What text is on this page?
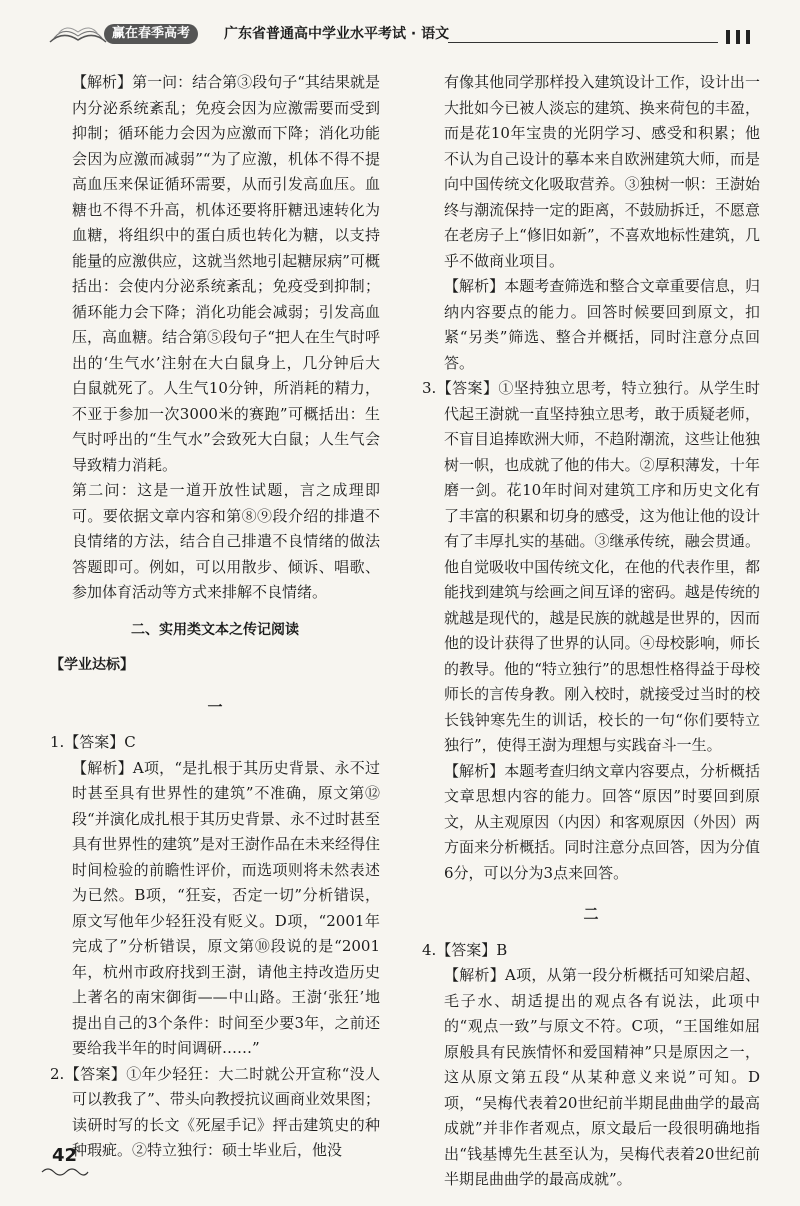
赢在春季高考	广东省普通高中学业水平考试 · 语文

【解析】第一问：结合第③段句子“其结果就是内分泌系统紊乱；免疫会因为应激需要而受到抑制；循环能力会因为应激而下降；消化功能会因为应激而减弱”“为了应激，机体不得不提高血压来保证循环需要，从而引发高血压。血糖也不得不升高，机体还要将肝糖迅速转化为血糖，将组织中的蛋白质也转化为糖，以支持能量的应激供应，这就当然地引起糖尿病”可概括出：会使内分泌系统紊乱；免疫受到抑制；循环能力会下降；消化功能会减弱；引发高血压，高血糖。结合第⑤段句子“把人在生气时呼出的‘生气水’注射在大白鼠身上，几分钟后大白鼠就死了。人生气10分钟，所消耗的精力，不亚于参加一次3000米的赛跑”可概括出：生气时呼出的“生气水”会致死大白鼠；人生气会导致精力消耗。

第二问：这是一道开放性试题，言之成理即可。要依据文章内容和第⑧⑨段介绍的排遣不良情绪的方法，结合自己排遣不良情绪的做法答题即可。例如，可以用散步、倾诉、唱歌、参加体育活动等方式来排解不良情绪。

二、实用类文本之传记阅读

【学业达标】

一

1.【答案】C

【解析】A项，“是扎根于其历史背景、永不过时甚至具有世界性的建筑”不准确，原文第⑫段“并演化成扎根于其历史背景、永不过时甚至具有世界性的建筑”是对王澍作品在未来经得住时间检验的前瞻性评价，而选项则将未然表述为已然。B项，“狂妄，否定一切”分析错误，原文写他年少轻狂没有贬义。D项，“2001年完成了”分析错误，原文第⑩段说的是“2001年，杭州市政府找到王澍，请他主持改造历史上著名的南宋御街——中山路。王澍‘张狂’地提出自己的3个条件：时间至少要3年，之前还要给我半年的时间调研……”

2.【答案】①年少轻狂：大二时就公开宣称“没人可以教我了”、带头向教授抗议画商业效果图；读研时写的长文《死屋手记》抨击建筑史的种种瑕疵。②特立独行：硕士毕业后，他没

有像其他同学那样投入建筑设计工作，设计出一大批如今已被人淡忘的建筑、换来荷包的丰盈，而是花10年宝贵的光阴学习、感受和积累；他不认为自己设计的摹本来自欧洲建筑大师，而是向中国传统文化吸取营养。③独树一帜：王澍始终与潮流保持一定的距离，不鼓励拆迁，不愿意在老房子上“修旧如新”，不喜欢地标性建筑，几乎不做商业项目。

【解析】本题考查筛选和整合文章重要信息，归纳内容要点的能力。回答时候要回到原文，扣紧“另类”筛选、整合并概括，同时注意分点回答。

3.【答案】①坚持独立思考，特立独行。从学生时代起王澍就一直坚持独立思考，敢于质疑老师，不盲目追捧欧洲大师，不趋附潮流，这些让他独树一帜，也成就了他的伟大。②厚积薄发，十年磨一剑。花10年时间对建筑工序和历史文化有了丰富的积累和切身的感受，这为他让他的设计有了丰厚扎实的基础。③继承传统，融会贯通。他自觉吸收中国传统文化，在他的代表作里，都能找到建筑与绘画之间互译的密码。越是传统的就越是现代的，越是民族的就越是世界的，因而他的设计获得了世界的认同。④母校影响，师长的教导。他的“特立独行”的思想性格得益于母校师长的言传身教。刚入校时，就接受过当时的校长钱钟寒先生的训话，校长的一句“你们要特立独行”，使得王澍为理想与实践奋斗一生。

【解析】本题考查归纳文章内容要点，分析概括文章思想内容的能力。回答“原因”时要回到原文，从主观原因（内因）和客观原因（外因）两方面来分析概括。同时注意分点回答，因为分值6分，可以分为3点来回答。

二

4.【答案】B

【解析】A项，从第一段分析概括可知梁启超、毛子水、胡适提出的观点各有说法，此项中的“观点一致”与原文不符。C项，“王国维如屈原般具有民族情怀和爱国精神”只是原因之一，这从原文第五段“从某种意义来说”可知。D项，“吴梅代表着20世纪前半期昆曲曲学的最高成就”并非作者观点，原文最后一段很明确地指出“钱基博先生甚至认为，吴梅代表着20世纪前半期昆曲曲学的最高成就”。

42
